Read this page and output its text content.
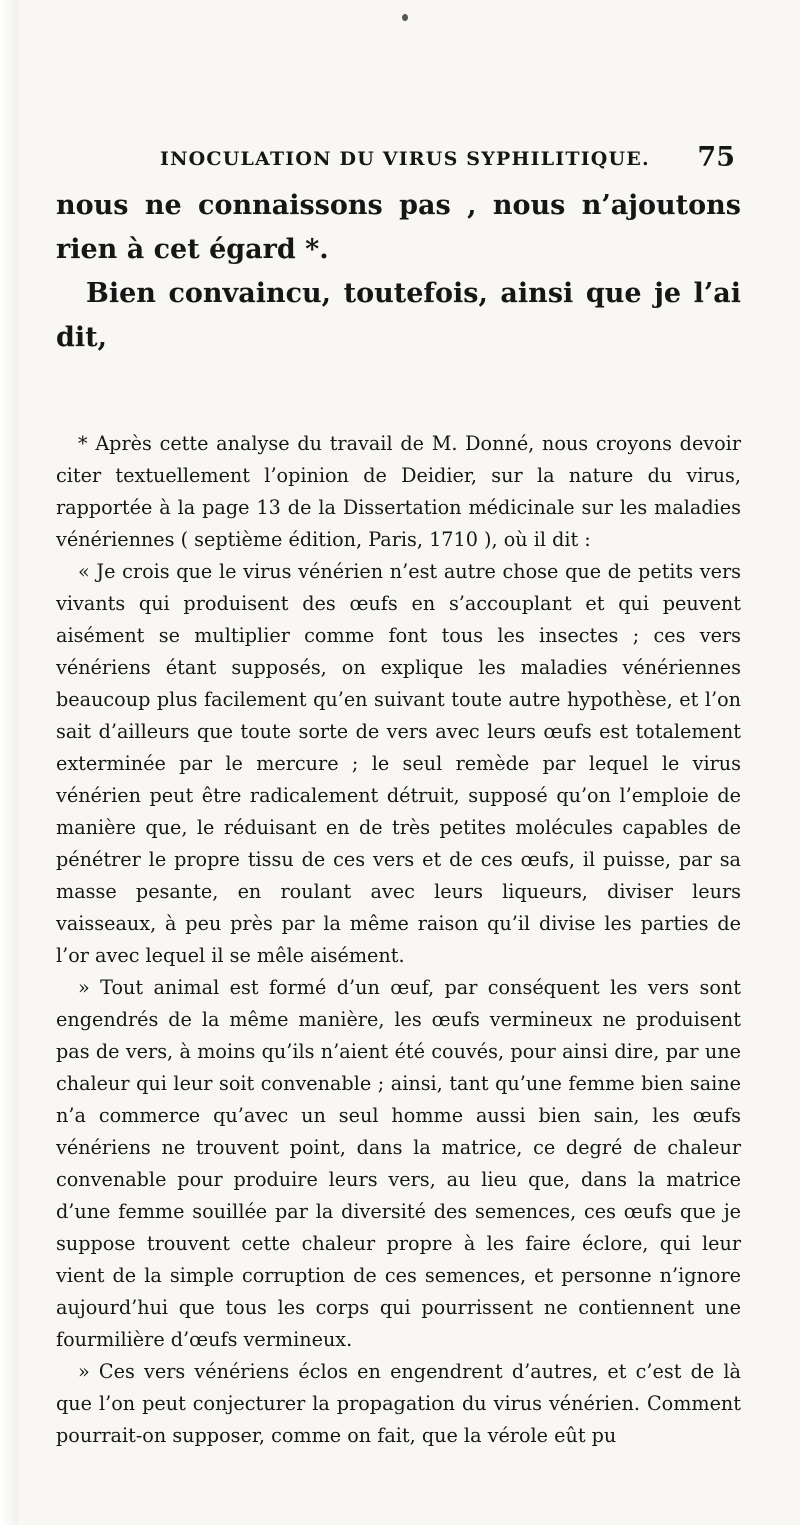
INOCULATION DU VIRUS SYPHILITIQUE. 75

nous ne connaissons pas , nous n’ajoutons rien à cet égard *.

Bien convaincu, toutefois, ainsi que je l’ai dit,

* Après cette analyse du travail de M. Donné, nous croyons devoir citer textuellement l’opinion de Deidier, sur la nature du virus, rapportée à la page 13 de la Dissertation médicinale sur les maladies vénériennes ( septième édition, Paris, 1710 ), où il dit :

« Je crois que le virus vénérien n’est autre chose que de petits vers vivants qui produisent des œufs en s’accouplant et qui peuvent aisément se multiplier comme font tous les insectes ; ces vers vénériens étant supposés, on explique les maladies vénériennes beaucoup plus facilement qu’en suivant toute autre hypothèse, et l’on sait d’ailleurs que toute sorte de vers avec leurs œufs est totalement exterminée par le mercure ; le seul remède par lequel le virus vénérien peut être radicalement détruit, supposé qu’on l’emploie de manière que, le réduisant en de très petites molécules capables de pénétrer le propre tissu de ces vers et de ces œufs, il puisse, par sa masse pesante, en roulant avec leurs liqueurs, diviser leurs vaisseaux, à peu près par la même raison qu’il divise les parties de l’or avec lequel il se mêle aisément.

» Tout animal est formé d’un œuf, par conséquent les vers sont engendrés de la même manière, les œufs vermineux ne produisent pas de vers, à moins qu’ils n’aient été couvés, pour ainsi dire, par une chaleur qui leur soit convenable ; ainsi, tant qu’une femme bien saine n’a commerce qu’avec un seul homme aussi bien sain, les œufs vénériens ne trouvent point, dans la matrice, ce degré de chaleur convenable pour produire leurs vers, au lieu que, dans la matrice d’une femme souillée par la diversité des semences, ces œufs que je suppose trouvent cette chaleur propre à les faire éclore, qui leur vient de la simple corruption de ces semences, et personne n’ignore aujourd’hui que tous les corps qui pourrissent ne contiennent une fourmilière d’œufs vermineux.

» Ces vers vénériens éclos en engendrent d’autres, et c’est de là que l’on peut conjecturer la propagation du virus vénérien. Comment pourrait-on supposer, comme on fait, que la vérole eût pu
